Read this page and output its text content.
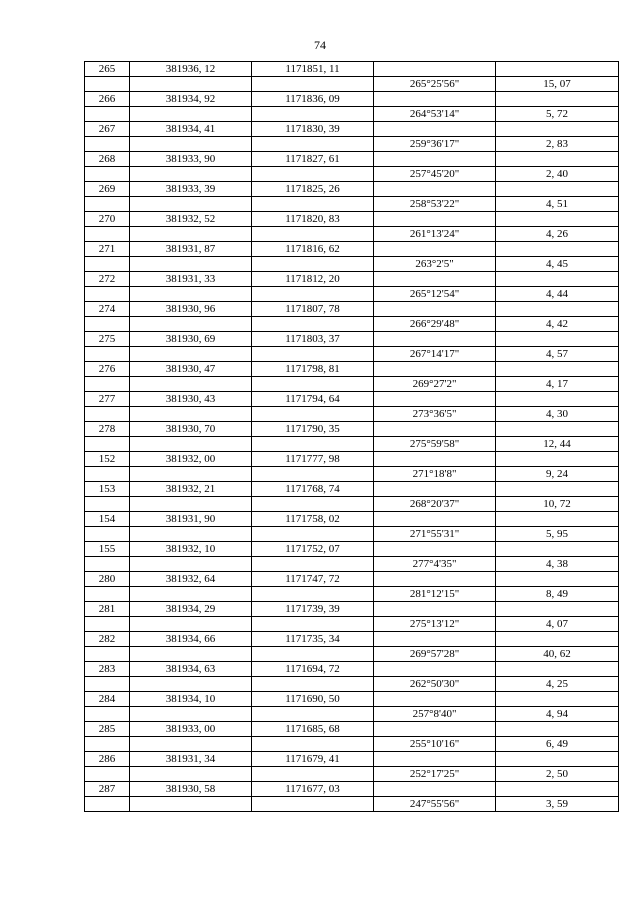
74
265	381936, 12	1171851, 11		
			265°25'56"	15, 07
266	381934, 92	1171836, 09		
			264°53'14"	5, 72
267	381934, 41	1171830, 39		
			259°36'17"	2, 83
268	381933, 90	1171827, 61		
			257°45'20"	2, 40
269	381933, 39	1171825, 26		
			258°53'22"	4, 51
270	381932, 52	1171820, 83		
			261°13'24"	4, 26
271	381931, 87	1171816, 62		
			263°2'5"	4, 45
272	381931, 33	1171812, 20		
			265°12'54"	4, 44
274	381930, 96	1171807, 78		
			266°29'48"	4, 42
275	381930, 69	1171803, 37		
			267°14'17"	4, 57
276	381930, 47	1171798, 81		
			269°27'2"	4, 17
277	381930, 43	1171794, 64		
			273°36'5"	4, 30
278	381930, 70	1171790, 35		
			275°59'58"	12, 44
152	381932, 00	1171777, 98		
			271°18'8"	9, 24
153	381932, 21	1171768, 74		
			268°20'37"	10, 72
154	381931, 90	1171758, 02		
			271°55'31"	5, 95
155	381932, 10	1171752, 07		
			277°4'35"	4, 38
280	381932, 64	1171747, 72		
			281°12'15"	8, 49
281	381934, 29	1171739, 39		
			275°13'12"	4, 07
282	381934, 66	1171735, 34		
			269°57'28"	40, 62
283	381934, 63	1171694, 72		
			262°50'30"	4, 25
284	381934, 10	1171690, 50		
			257°8'40"	4, 94
285	381933, 00	1171685, 68		
			255°10'16"	6, 49
286	381931, 34	1171679, 41		
			252°17'25"	2, 50
287	381930, 58	1171677, 03		
			247°55'56"	3, 59
